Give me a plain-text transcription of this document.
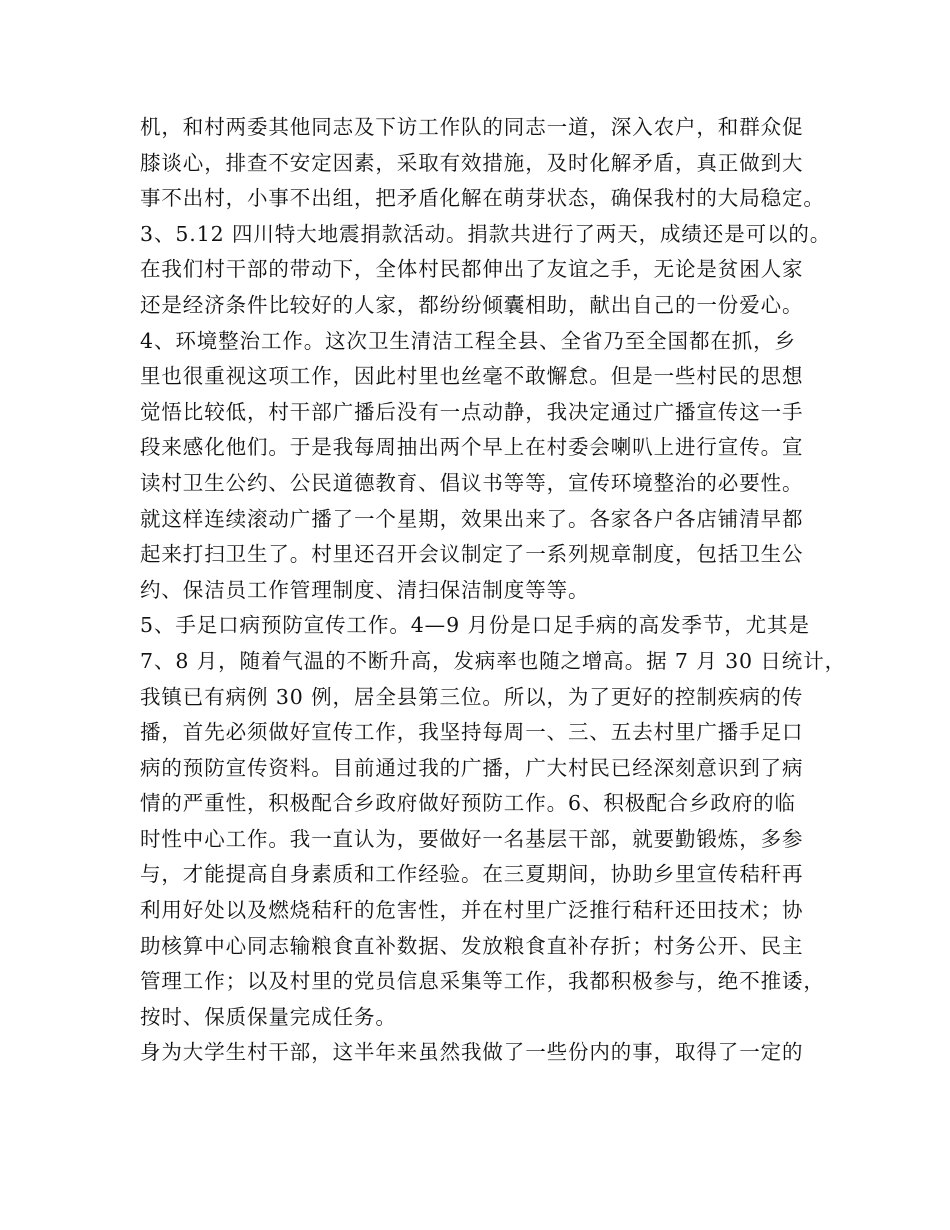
机，和村两委其他同志及下访工作队的同志一道，深入农户，和群众促
膝谈心，排查不安定因素，采取有效措施，及时化解矛盾，真正做到大
事不出村，小事不出组，把矛盾化解在萌芽状态，确保我村的大局稳定。
3、5.12 四川特大地震捐款活动。捐款共进行了两天，成绩还是可以的。
在我们村干部的带动下，全体村民都伸出了友谊之手，无论是贫困人家
还是经济条件比较好的人家，都纷纷倾囊相助，献出自己的一份爱心。
4、环境整治工作。这次卫生清洁工程全县、全省乃至全国都在抓，乡
里也很重视这项工作，因此村里也丝毫不敢懈怠。但是一些村民的思想
觉悟比较低，村干部广播后没有一点动静，我决定通过广播宣传这一手
段来感化他们。于是我每周抽出两个早上在村委会喇叭上进行宣传。宣
读村卫生公约、公民道德教育、倡议书等等，宣传环境整治的必要性。
就这样连续滚动广播了一个星期，效果出来了。各家各户各店铺清早都
起来打扫卫生了。村里还召开会议制定了一系列规章制度，包括卫生公
约、保洁员工作管理制度、清扫保洁制度等等。
5、手足口病预防宣传工作。4—9 月份是口足手病的高发季节，尤其是
7、8 月，随着气温的不断升高，发病率也随之增高。据 7 月 30 日统计，
我镇已有病例 30 例，居全县第三位。所以，为了更好的控制疾病的传
播，首先必须做好宣传工作，我坚持每周一、三、五去村里广播手足口
病的预防宣传资料。目前通过我的广播，广大村民已经深刻意识到了病
情的严重性，积极配合乡政府做好预防工作。6、积极配合乡政府的临
时性中心工作。我一直认为，要做好一名基层干部，就要勤锻炼，多参
与，才能提高自身素质和工作经验。在三夏期间，协助乡里宣传秸秆再
利用好处以及燃烧秸秆的危害性，并在村里广泛推行秸秆还田技术；协
助核算中心同志输粮食直补数据、发放粮食直补存折；村务公开、民主
管理工作；以及村里的党员信息采集等工作，我都积极参与，绝不推诿，
按时、保质保量完成任务。
身为大学生村干部，这半年来虽然我做了一些份内的事，取得了一定的
